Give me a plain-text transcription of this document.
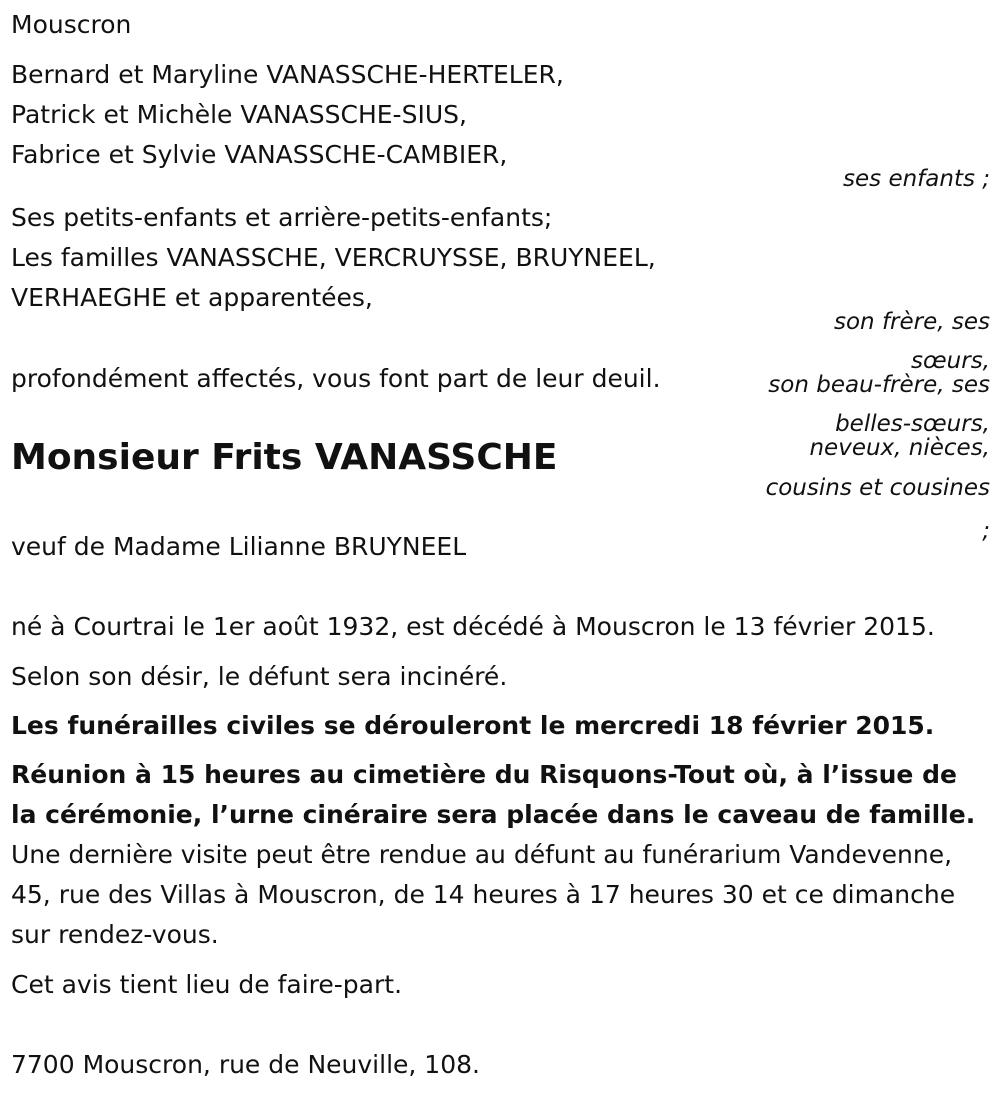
Mouscron
Bernard et Maryline VANASSCHE-HERTELER,
Patrick et Michèle VANASSCHE-SIUS,
Fabrice et Sylvie VANASSCHE-CAMBIER,
ses enfants ;
Ses petits-enfants et arrière-petits-enfants;
Les familles VANASSCHE, VERCRUYSSE, BRUYNEEL,
VERHAEGHE et apparentées,
son frère, ses
sœurs,
son beau-frère, ses
belles-sœurs,
neveux, nièces,
cousins et cousines
;
profondément affectés, vous font part de leur deuil.
Monsieur Frits VANASSCHE
veuf de Madame Lilianne BRUYNEEL
né à Courtrai le 1er août 1932, est décédé à Mouscron le 13 février 2015.
Selon son désir, le défunt sera incinéré.
Les funérailles civiles se dérouleront le mercredi 18 février 2015.
Réunion à 15 heures au cimetière du Risquons-Tout où, à l’issue de la cérémonie, l’urne cinéraire sera placée dans le caveau de famille. Une dernière visite peut être rendue au défunt au funérarium Vandevenne, 45, rue des Villas à Mouscron, de 14 heures à 17 heures 30 et ce dimanche sur rendez-vous.
Cet avis tient lieu de faire-part.
7700 Mouscron, rue de Neuville, 108.
